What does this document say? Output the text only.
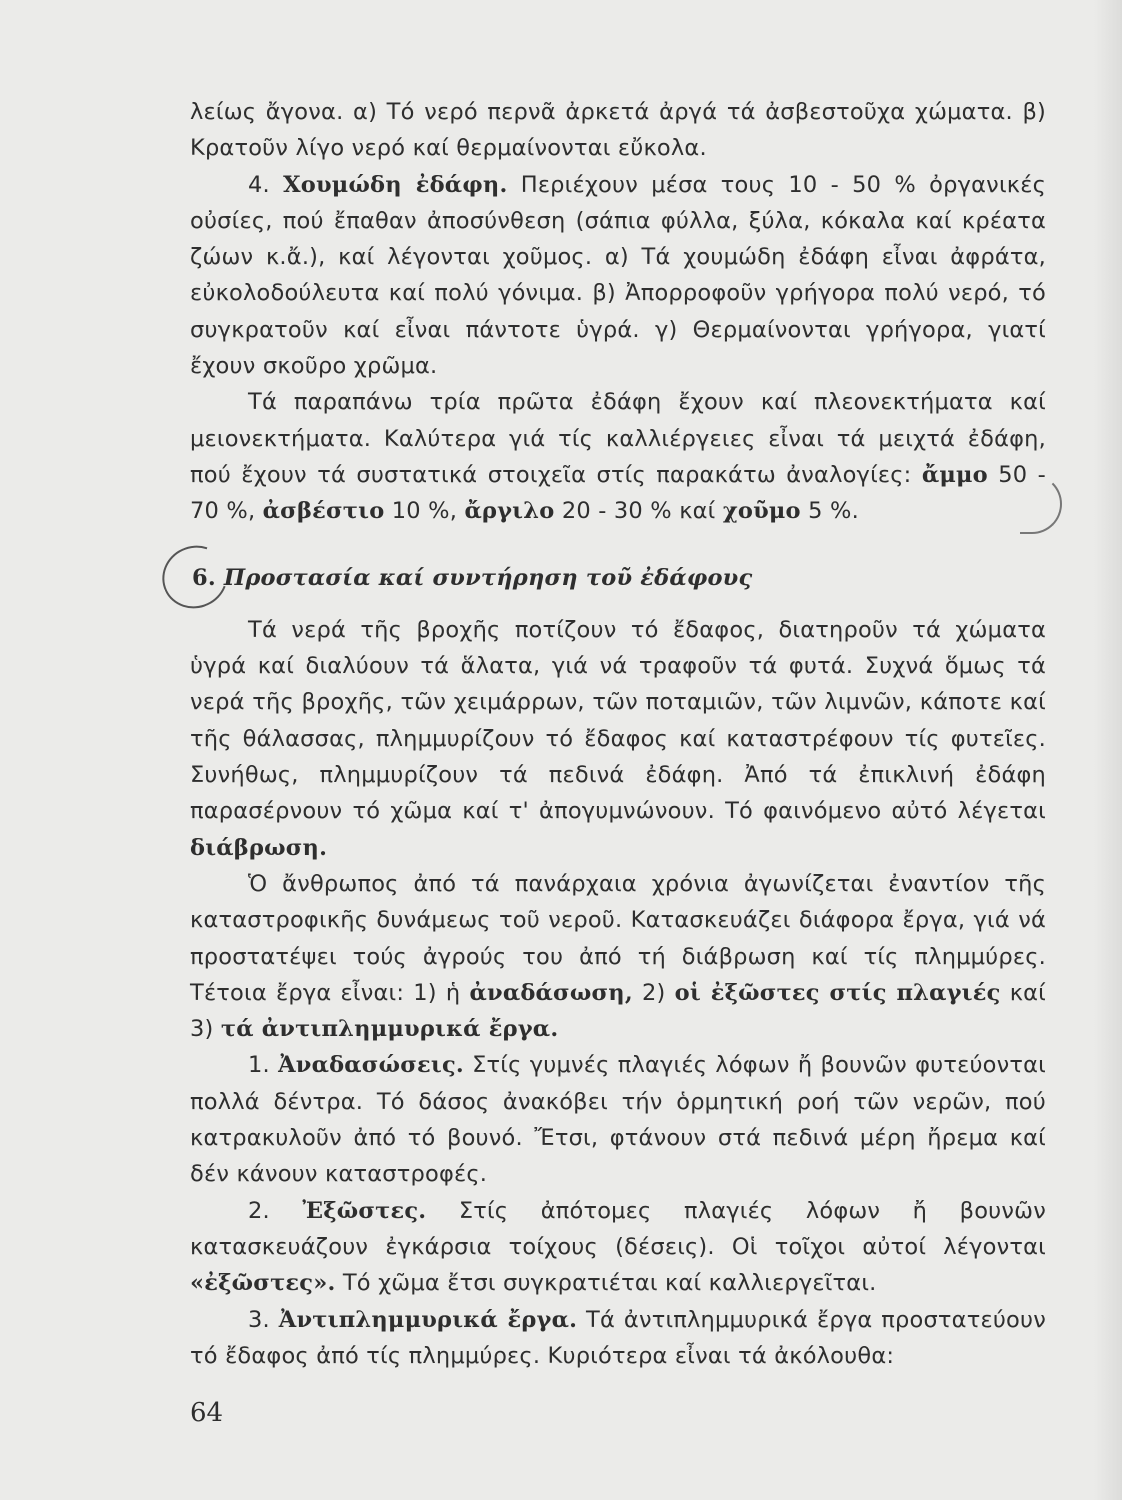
λείως ἄγονα. α) Τό νερό περνᾶ ἀρκετά ἀργά τά ἀσβεστοῦχα χώματα. β) Κρατοῦν λίγο νερό καί θερμαίνονται εὔκολα.

4. Χουμώδη ἐδάφη. Περιέχουν μέσα τους 10 - 50 % ὀργανικές οὐσίες, πού ἔπαθαν ἀποσύνθεση (σάπια φύλλα, ξύλα, κόκαλα καί κρέατα ζώων κ.ἄ.), καί λέγονται χοῦμος. α) Τά χουμώδη ἐδάφη εἶναι ἀφράτα, εὐκολοδούλευτα καί πολύ γόνιμα. β) Ἀπορροφοῦν γρήγορα πολύ νερό, τό συγκρατοῦν καί εἶναι πάντοτε ὑγρά. γ) Θερμαίνονται γρήγορα, γιατί ἔχουν σκοῦρο χρῶμα.

Τά παραπάνω τρία πρῶτα ἐδάφη ἔχουν καί πλεονεκτήματα καί μειονεκτήματα. Καλύτερα γιά τίς καλλιέργειες εἶναι τά μειχτά ἐδάφη, πού ἔχουν τά συστατικά στοιχεῖα στίς παρακάτω ἀναλογίες: ἄμμο 50 - 70 %, ἀσβέστιο 10 %, ἄργιλο 20 - 30 % καί χοῦμο 5 %.

6. Προστασία καί συντήρηση τοῦ ἐδάφους

Τά νερά τῆς βροχῆς ποτίζουν τό ἔδαφος, διατηροῦν τά χώματα ὑγρά καί διαλύουν τά ἅλατα, γιά νά τραφοῦν τά φυτά. Συχνά ὅμως τά νερά τῆς βροχῆς, τῶν χειμάρρων, τῶν ποταμιῶν, τῶν λιμνῶν, κάποτε καί τῆς θάλασσας, πλημμυρίζουν τό ἔδαφος καί καταστρέφουν τίς φυτεῖες. Συνήθως, πλημμυρίζουν τά πεδινά ἐδάφη. Ἀπό τά ἐπικλινή ἐδάφη παρασέρνουν τό χῶμα καί τ' ἀπογυμνώνουν. Τό φαινόμενο αὐτό λέγεται διάβρωση.

Ὁ ἄνθρωπος ἀπό τά πανάρχαια χρόνια ἀγωνίζεται ἐναντίον τῆς καταστροφικῆς δυνάμεως τοῦ νεροῦ. Κατασκευάζει διάφορα ἔργα, γιά νά προστατέψει τούς ἀγρούς του ἀπό τή διάβρωση καί τίς πλημμύρες. Τέτοια ἔργα εἶναι: 1) ἡ ἀναδάσωση, 2) οἱ ἐξῶστες στίς πλαγιές καί 3) τά ἀντιπλημμυρικά ἔργα.

1. Ἀναδασώσεις. Στίς γυμνές πλαγιές λόφων ἤ βουνῶν φυτεύονται πολλά δέντρα. Τό δάσος ἀνακόβει τήν ὁρμητική ροή τῶν νερῶν, πού κατρακυλοῦν ἀπό τό βουνό. Ἔτσι, φτάνουν στά πεδινά μέρη ἤρεμα καί δέν κάνουν καταστροφές.

2. Ἐξῶστες. Στίς ἀπότομες πλαγιές λόφων ἤ βουνῶν κατασκευάζουν ἐγκάρσια τοίχους (δέσεις). Οἱ τοῖχοι αὐτοί λέγονται «ἐξῶστες». Τό χῶμα ἔτσι συγκρατιέται καί καλλιεργεῖται.

3. Ἀντιπλημμυρικά ἔργα. Τά ἀντιπλημμυρικά ἔργα προστατεύουν τό ἔδαφος ἀπό τίς πλημμύρες. Κυριότερα εἶναι τά ἀκόλουθα:

64
